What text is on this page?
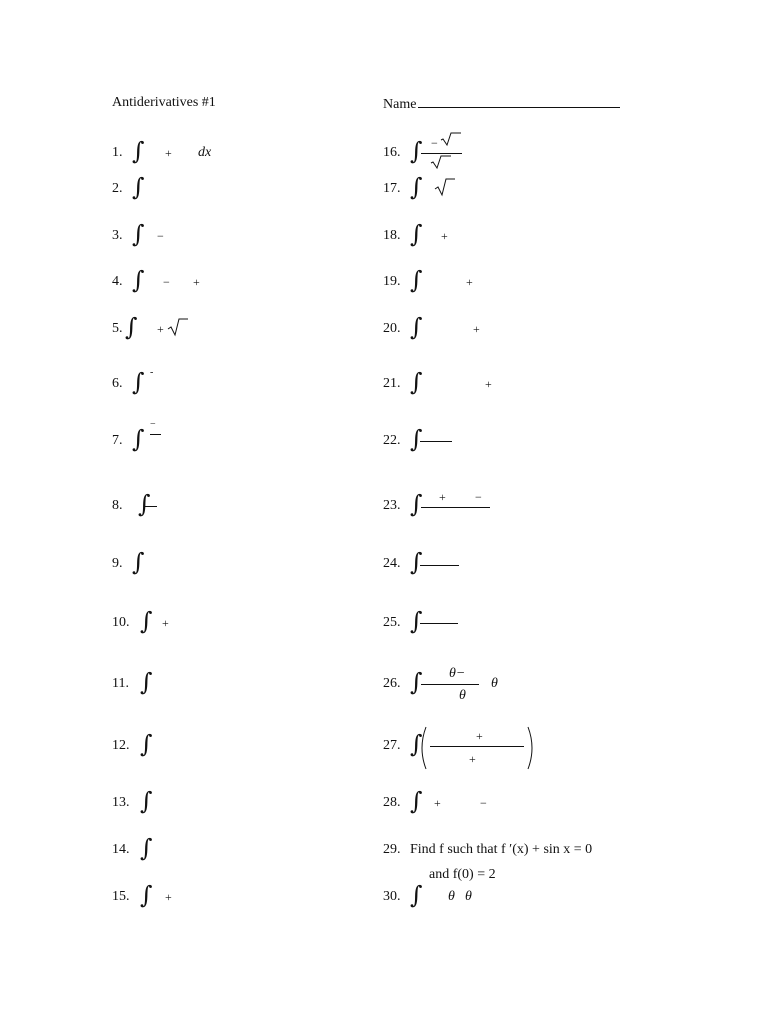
Antiderivatives #1	Name
1. ∫ + dx
2. ∫
3. ∫ −
4. ∫ − +
5. ∫ +
6. ∫ -
7. ∫
−
8. ∫
9. ∫
10. ∫ +
11. ∫
12. ∫
13. ∫
14. ∫
15. ∫ +
16. ∫ −
17. ∫
18. ∫ +
19. ∫	+
20. ∫	+
21. ∫	+
22. ∫
23. ∫ + −
24. ∫
25. ∫
26. ∫ θ−
θ
θ
27. ∫	+
+
28. ∫ +	−
29. Find f such that f ′(x) + sin x = 0
and f(0) = 2
30. ∫ θ θ
